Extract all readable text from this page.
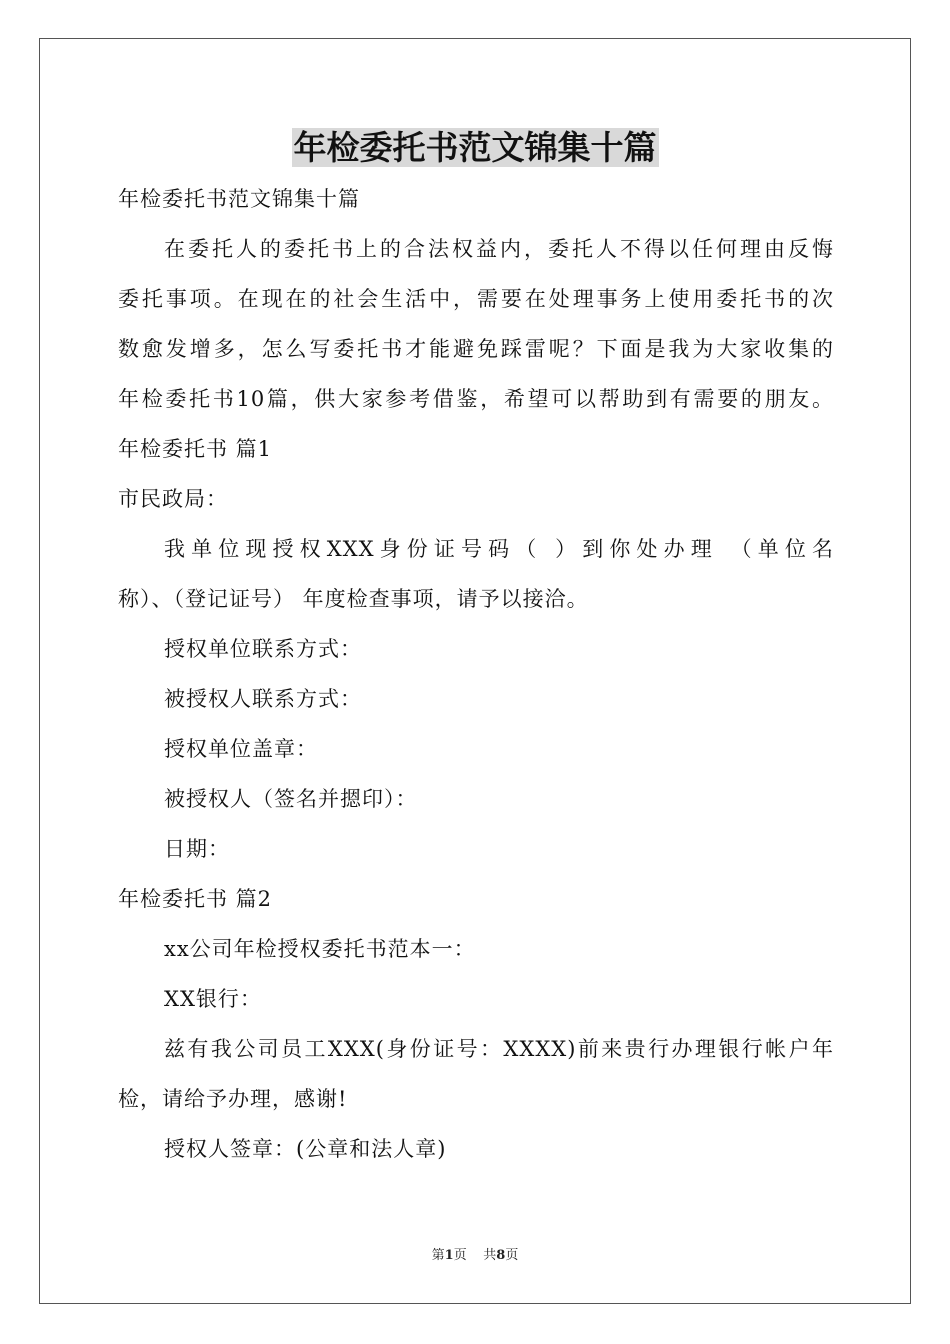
年检委托书范文锦集十篇
年检委托书范文锦集十篇
在委托人的委托书上的合法权益内，委托人不得以任何理由反悔
委托事项。在现在的社会生活中，需要在处理事务上使用委托书的次
数愈发增多，怎么写委托书才能避免踩雷呢？下面是我为大家收集的
年检委托书10篇，供大家参考借鉴，希望可以帮助到有需要的朋友。
年检委托书 篇1
市民政局：
我单位现授权XXX身份证号码（ ）到你处办理 （单位名
称）、（登记证号） 年度检查事项，请予以接洽。
授权单位联系方式：
被授权人联系方式：
授权单位盖章：
被授权人（签名并摁印）：
日期：
年检委托书 篇2
xx公司年检授权委托书范本一：
XX银行：
兹有我公司员工XXX(身份证号：XXXX)前来贵行办理银行帐户年
检，请给予办理，感谢!
授权人签章：(公章和法人章)
第1页 共8页
